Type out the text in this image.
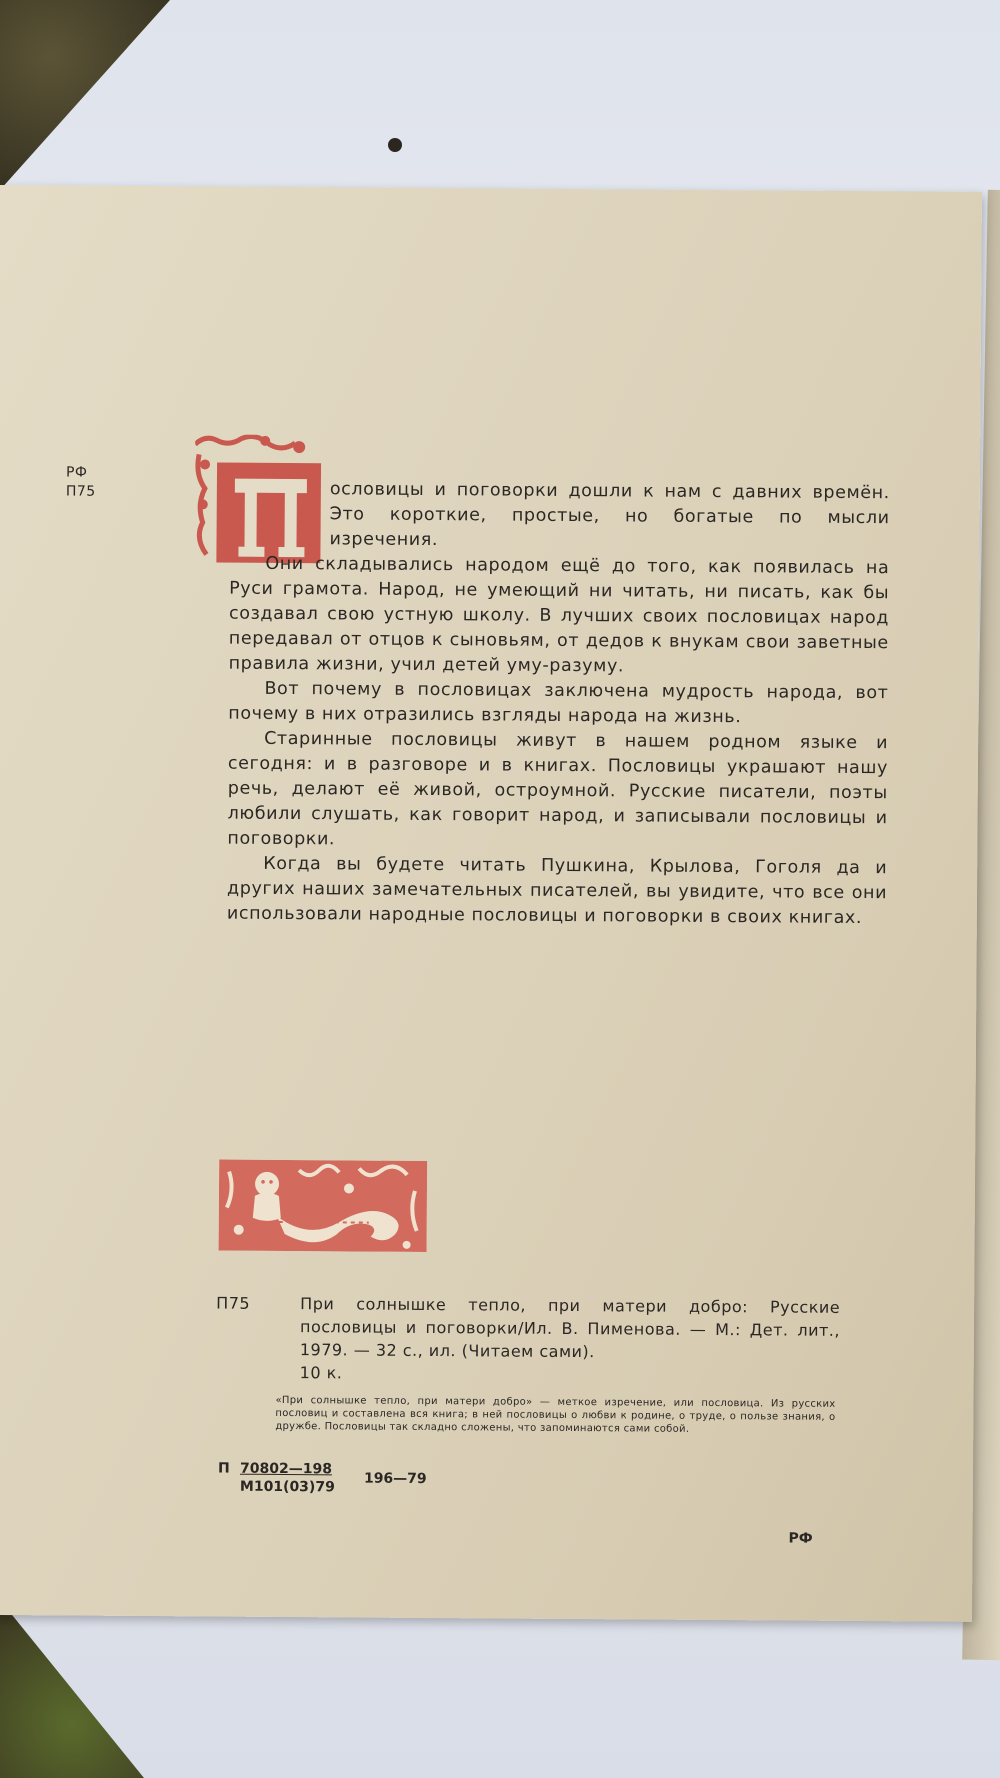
РФ
П75	ословицы и поговорки дошли к нам с давних времён. Это короткие, простые, но богатые по мысли изречения.

Они складывались народом ещё до того, как появилась на Руси грамота. Народ, не умеющий ни читать, ни писать, как бы создавал свою устную школу. В лучших своих пословицах народ передавал от отцов к сыновьям, от дедов к внукам свои заветные правила жизни, учил детей уму-разуму.

Вот почему в пословицах заключена мудрость народа, вот почему в них отразились взгляды народа на жизнь.

Старинные пословицы живут в нашем родном языке и сегодня: и в разговоре и в книгах. Пословицы украшают нашу речь, делают её живой, остроумной. Русские писатели, поэты любили слушать, как говорит народ, и записывали пословицы и поговорки.

Когда вы будете читать Пушкина, Крылова, Гоголя да и других наших замечательных писателей, вы увидите, что все они использовали народные пословицы и поговорки в своих книгах.

П75	При солнышке тепло, при матери добро: Русские пословицы и поговорки/Ил. В. Пименова. — М.: Дет. лит., 1979. — 32 с., ил. (Читаем сами).
10 к.
«При солнышке тепло, при матери добро» — меткое изречение, или пословица. Из русских пословиц и составлена вся книга; в ней пословицы о любви к родине, о труде, о пользе знания, о дружбе. Пословицы так складно сложены, что запоминаются сами собой.
П 70802—198
М101(03)79 196—79
РФ
